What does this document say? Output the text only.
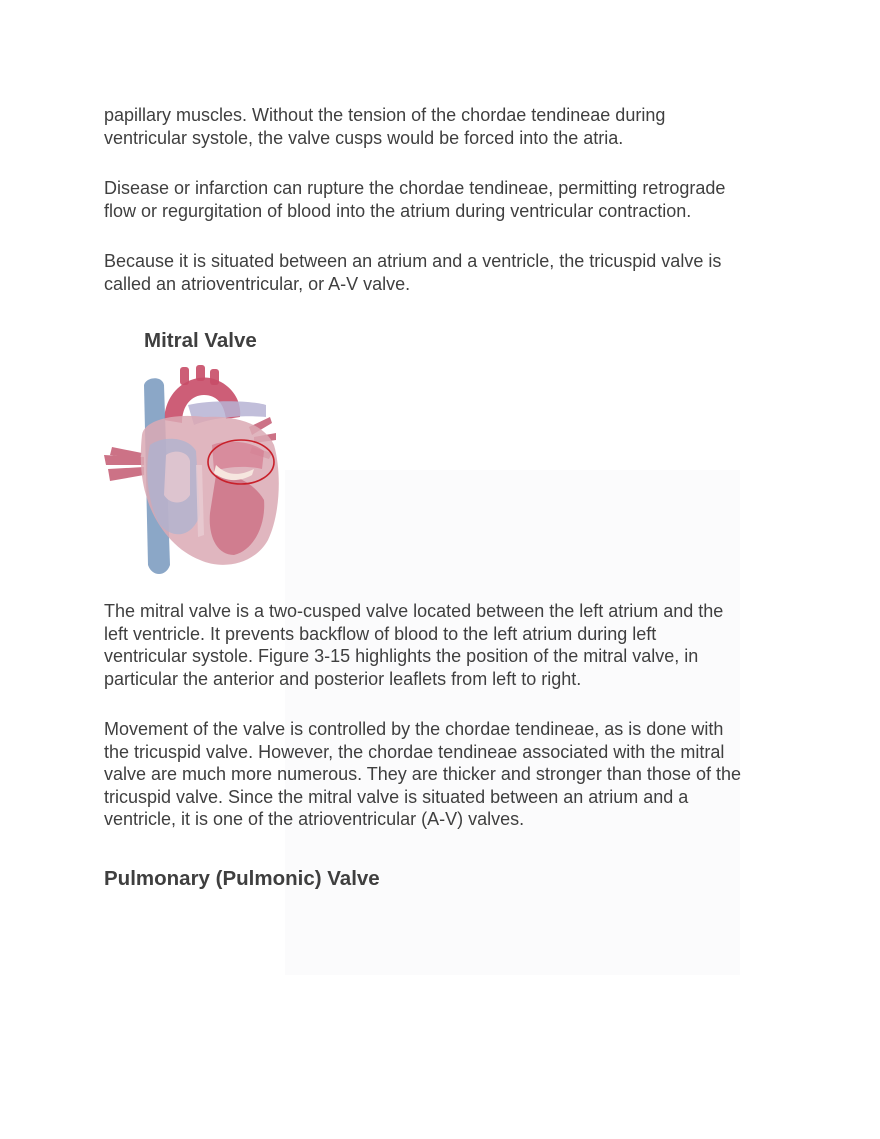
papillary muscles. Without the tension of the chordae tendineae during ventricular systole, the valve cusps would be forced into the atria.

Disease or infarction can rupture the chordae tendineae, permitting retrograde flow or regurgitation of blood into the atrium during ventricular contraction.

Because it is situated between an atrium and a ventricle, the tricuspid valve is called an atrioventricular, or A-V valve.

Mitral Valve

The mitral valve is a two-cusped valve located between the left atrium and the left ventricle. It prevents backflow of blood to the left atrium during left ventricular systole. Figure 3-15 highlights the position of the mitral valve, in particular the anterior and posterior leaflets from left to right.

Movement of the valve is controlled by the chordae tendineae, as is done with the tricuspid valve. However, the chordae tendineae associated with the mitral valve are much more numerous. They are thicker and stronger than those of the tricuspid valve. Since the mitral valve is situated between an atrium and a ventricle, it is one of the atrioventricular (A-V) valves.

Pulmonary (Pulmonic) Valve
